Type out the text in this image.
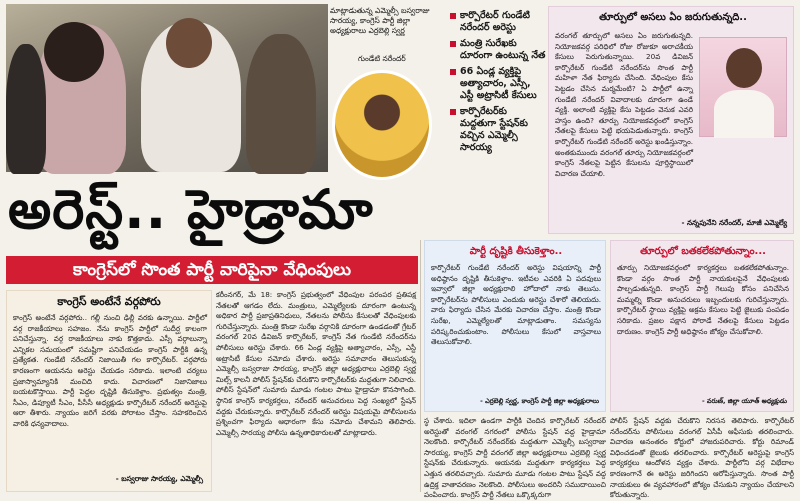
మాట్లాడుతున్న ఎమ్మెల్సీ బస్వరాజు సారయ్య, కాంగ్రెస్‌ పార్టీ జిల్లా అధ్యక్షురాలు ఎర్రబెల్లి స్వర్ణ
గుండేటి నరేందర్‌
కార్పొరేటర్‌ గుండేటి నరేందర్‌ అరెస్టు
మంత్రి సురేఖకు దూరంగా ఉంటున్న నేత
66 ఏండ్ల వ్యక్తిపై అత్యాచారం, ఎస్సీ, ఎస్టీ అట్రాసిటీ కేసులు
కార్పొరేటర్‌కు మద్దతుగా స్టేషన్‌కు వచ్చిన ఎమ్మెల్సీ సారయ్య
తూర్పులో అసలు ఏం జరుగుతున్నది..
వరంగల్‌ తూర్పులో అసలు ఏం జరుగుతున్నది. నియోజకవర్గ పరిధిలో రోజు రోజుకూ అరాచకీయ కేసులు పెరుగుతున్నాయి. 20వ డివిజన్‌ కార్పొరేటర్‌ గుండేటి నరేందర్‌ను సొంత పార్టీ మహిళా నేత ఫిర్యాదు చేసింది. వేధింపుల కేసు పెట్టడం చేసిన మర్మమేంటి? ఏ పార్టీలో ఉన్నా గుండేటి నరేందర్‌ వివాదాలకు దూరంగా ఉండే వ్యక్తి. అలాంటి వ్యక్తిపై కేసు పెట్టడం వెనుక ఎవరి హస్తం ఉంది? తూర్పు నియోజకవర్గంలో కాంగ్రెస్‌ నేతలపై కేసులు పెట్టి భయపెడుతున్నారు. కాంగ్రెస్‌ కార్పొరేటర్‌ గుండేటి నరేందర్‌ అరెస్టు ఖండిస్తున్నాం. అంతకుముందు వరంగల్‌ తూర్పు నియోజకవర్గంలో కాంగ్రెస్‌ నేతలపై పెట్టిన కేసులను పూర్తిస్థాయిలో విచారణ చేయాలి.
- నన్నపునేని నరేందర్‌, మాజీ ఎమ్మెల్యే
అరెస్ట్‌.. హైడ్రామా
కాంగ్రెస్‌లో సొంత పార్టీ వారిపైనా వేధింపులు
కాంగ్రెస్‌ అంటేనే వర్గపోరు
కాంగ్రెస్‌ అంటేనే వర్గపోరు.. గల్లీ నుంచి ఢిల్లీ వరకు ఉన్నాయి. పార్టీలో వర్గ రాజకీయాలు సహజం. నేను కాంగ్రెస్‌ పార్టీలో సుదీర్ఘ కాలంగా పనిచేస్తున్నా. వర్గ రాజకీయాలు నాకు కొత్తకాదు. ఎస్సీ వర్గాలున్నా ఎన్నికల సమయంలో సమష్టిగా పనిచేయడం కాంగ్రెస్‌ పార్టీకి ఉన్న ప్రత్యేకత. గుండేటి నరేందర్‌ నిజాయితీ గల కార్పొరేటర్‌. వర్గపోరు కారణంగా ఆయనను అరెస్టు చేయడం సరికాదు. ఇలాంటి చర్యలు ప్రజాస్వామ్యానికి మంచిది కాదు. విచారణలో నిజానిజాలు బయటకొస్తాయి. పార్టీ పెద్దల దృష్టికి తీసుకెళ్తాం. ప్రభుత్వం మంత్రి, సీఎం, డిప్యూటీ సీఎం, పీసీసీ అధ్యక్షుడు కార్పొరేటర్‌ నరేందర్‌ అరెస్టుపై ఆరా తీశారు. న్యాయం జరిగే వరకు పోరాటం చేస్తాం. సహకరించిన వారికి ధన్యవాదాలు.
- బస్వరాజు సారయ్య, ఎమ్మెల్సీ
కరీంనగర్‌, మే 18: కాంగ్రెస్‌ ప్రభుత్వంలో వేధింపుల పరంపర ప్రతిపక్ష నేతలతో ఆగడం లేదు. మంత్రులు, ఎమ్మెల్యేలకు దూరంగా ఉంటున్న అధికార పార్టీ ప్రజాప్రతినిధులు, నేతలను పోలీసు కేసులతో వేధింపులకు గురిచేస్తున్నారు. మంత్రి కొండా సురేఖ వర్గానికి దూరంగా ఉండడంతో గ్రేటర్‌ వరంగల్‌ 20వ డివిజన్‌ కార్పొరేటర్‌, కాంగ్రెస్‌ నేత గుండేటి నరేందర్‌ను పోలీసులు అరెస్టు చేశారు. 66 ఏండ్ల వ్యక్తిపై అత్యాచారం, ఎస్సీ, ఎస్టీ అట్రాసిటీ కేసుల నమోదు చేశారు. అరెస్టు సమాచారం తెలుసుకున్న ఎమ్మెల్సీ బస్వరాజు సారయ్య, కాంగ్రెస్‌ జిల్లా అధ్యక్షురాలు ఎర్రబెల్లి స్వర్ణ మిల్స్‌ కాలనీ పోలీస్‌ స్టేషన్‌కు చేరుకొని కార్పొరేటర్‌కు మద్దతుగా నిలిచారు. పోలీస్‌ స్టేషన్‌లో సుమారు మూడు గంటల పాటు హైడ్రామా కొనసాగింది. స్థానిక కాంగ్రెస్‌ కార్యకర్తలు, నరేందర్‌ అనుచరులు పెద్ద సంఖ్యలో స్టేషన్‌ వద్దకు చేరుకున్నారు. కార్పొరేటర్‌ నరేందర్‌ అరెస్టు విషయమై పోలీసులను ప్రశ్నించగా ఫిర్యాదు ఆధారంగా కేసు నమోదు చేశామని తెలిపారు. ఎమ్మెల్సీ సారయ్య పోలీసు ఉన్నతాధికారులతో మాట్లాడారు.
పార్టీ దృష్టికి తీసుకెళ్తాం..
కార్పొరేటర్‌ గుండేటి నరేందర్‌ అరెస్టు విషయాన్ని పార్టీ అధిష్ఠానం దృష్టికి తీసుకెళ్తాం. ఇటీవల ఎవరికి ఏ పదవులు ఇవ్వాలో జిల్లా అధ్యక్షురాలి హోదాలో నాకు తెలుసు. కార్పొరేటర్‌ను పోలీసులు ఎందుకు అరెస్టు చేశారో తెలియదు. వారు ఫిర్యాదు చేసిన మేరకు విచారణ చేస్తాం. మంత్రి కొండా సురేఖ, ఎమ్మెల్యేలతో మాట్లాడుతాం. సమస్యను పరిష్కరించుకుంటాం. పోలీసులు కేసులో వాస్తవాలు తెలుసుకోవాలి.
- ఎర్రబెల్లి స్వర్ణ, కాంగ్రెస్‌ పార్టీ జిల్లా అధ్యక్షురాలు
స్థ చేశారు. ఇదిలా ఉండగా పార్టీకి చెందిన కార్పొరేటర్‌ నరేందర్‌ అరెస్టుతో వరంగల్‌ నగరంలో పోలీసు స్టేషన్‌ వద్ద హైడ్రామా నెలకొంది. కార్పొరేటర్‌ నరేందర్‌కు మద్దతుగా ఎమ్మెల్సీ బస్వరాజు సారయ్య, కాంగ్రెస్‌ పార్టీ వరంగల్‌ జిల్లా అధ్యక్షురాలు ఎర్రబెల్లి స్వర్ణ స్టేషన్‌కు చేరుకున్నారు. ఆయనకు మద్దతుగా కార్యకర్తలు పెద్ద ఎత్తున తరలివచ్చారు. సుమారు మూడు గంటల పాటు స్టేషన్‌ వద్ద ఉద్రిక్త వాతావరణం నెలకొంది. పోలీసులు అందరినీ సముదాయించి పంపించారు. కాంగ్రెస్‌ పార్టీ నేతలు ఒక్కొక్కరుగా
తూర్పులో బతకలేకపోతున్నాం...
తూర్పు నియోజకవర్గంలో కార్యకర్తలు బతకలేకపోతున్నాం. కొండా వర్గం సొంత పార్టీ నాయకులపైనే వేధింపులకు పాల్పడుతున్నది. కాంగ్రెస్‌ పార్టీ గెలుపు కోసం పనిచేసిన మమ్మల్ని కొండా అనుచరులు ఇబ్బందులకు గురిచేస్తున్నారు. కార్పొరేటర్‌ స్థాయి వ్యక్తిపై అక్రమ కేసులు పెట్టి జైలుకు పంపడం సరికాదు. ప్రజల పక్షాన పోరాడే నేతలపై కేసులు పెట్టడం దారుణం. కాంగ్రెస్‌ పార్టీ అధిష్ఠానం జోక్యం చేసుకోవాలి.
- వరుణ్‌, జిల్లా యూత్‌ అధ్యక్షుడు
పోలీస్‌ స్టేషన్‌ వద్దకు చేరుకొని నిరసన తెలిపారు. కార్పొరేటర్‌ నరేందర్‌ను పోలీసులు వరంగల్‌ ఏసీపీ ఆఫీసుకు తరలించారు. విచారణ అనంతరం కోర్టులో హాజరుపరిచారు. కోర్టు రిమాండ్‌ విధించడంతో జైలుకు తరలించారు. కార్పొరేటర్‌ అరెస్టుపై కాంగ్రెస్‌ కార్యకర్తలు ఆందోళన వ్యక్తం చేశారు. పార్టీలోని వర్గ విభేదాల కారణంగానే ఈ అరెస్టు జరిగిందని ఆరోపిస్తున్నారు. సొంత పార్టీ నాయకులు ఈ వ్యవహారంలో జోక్యం చేసుకుని న్యాయం చేయాలని కోరుతున్నారు.
